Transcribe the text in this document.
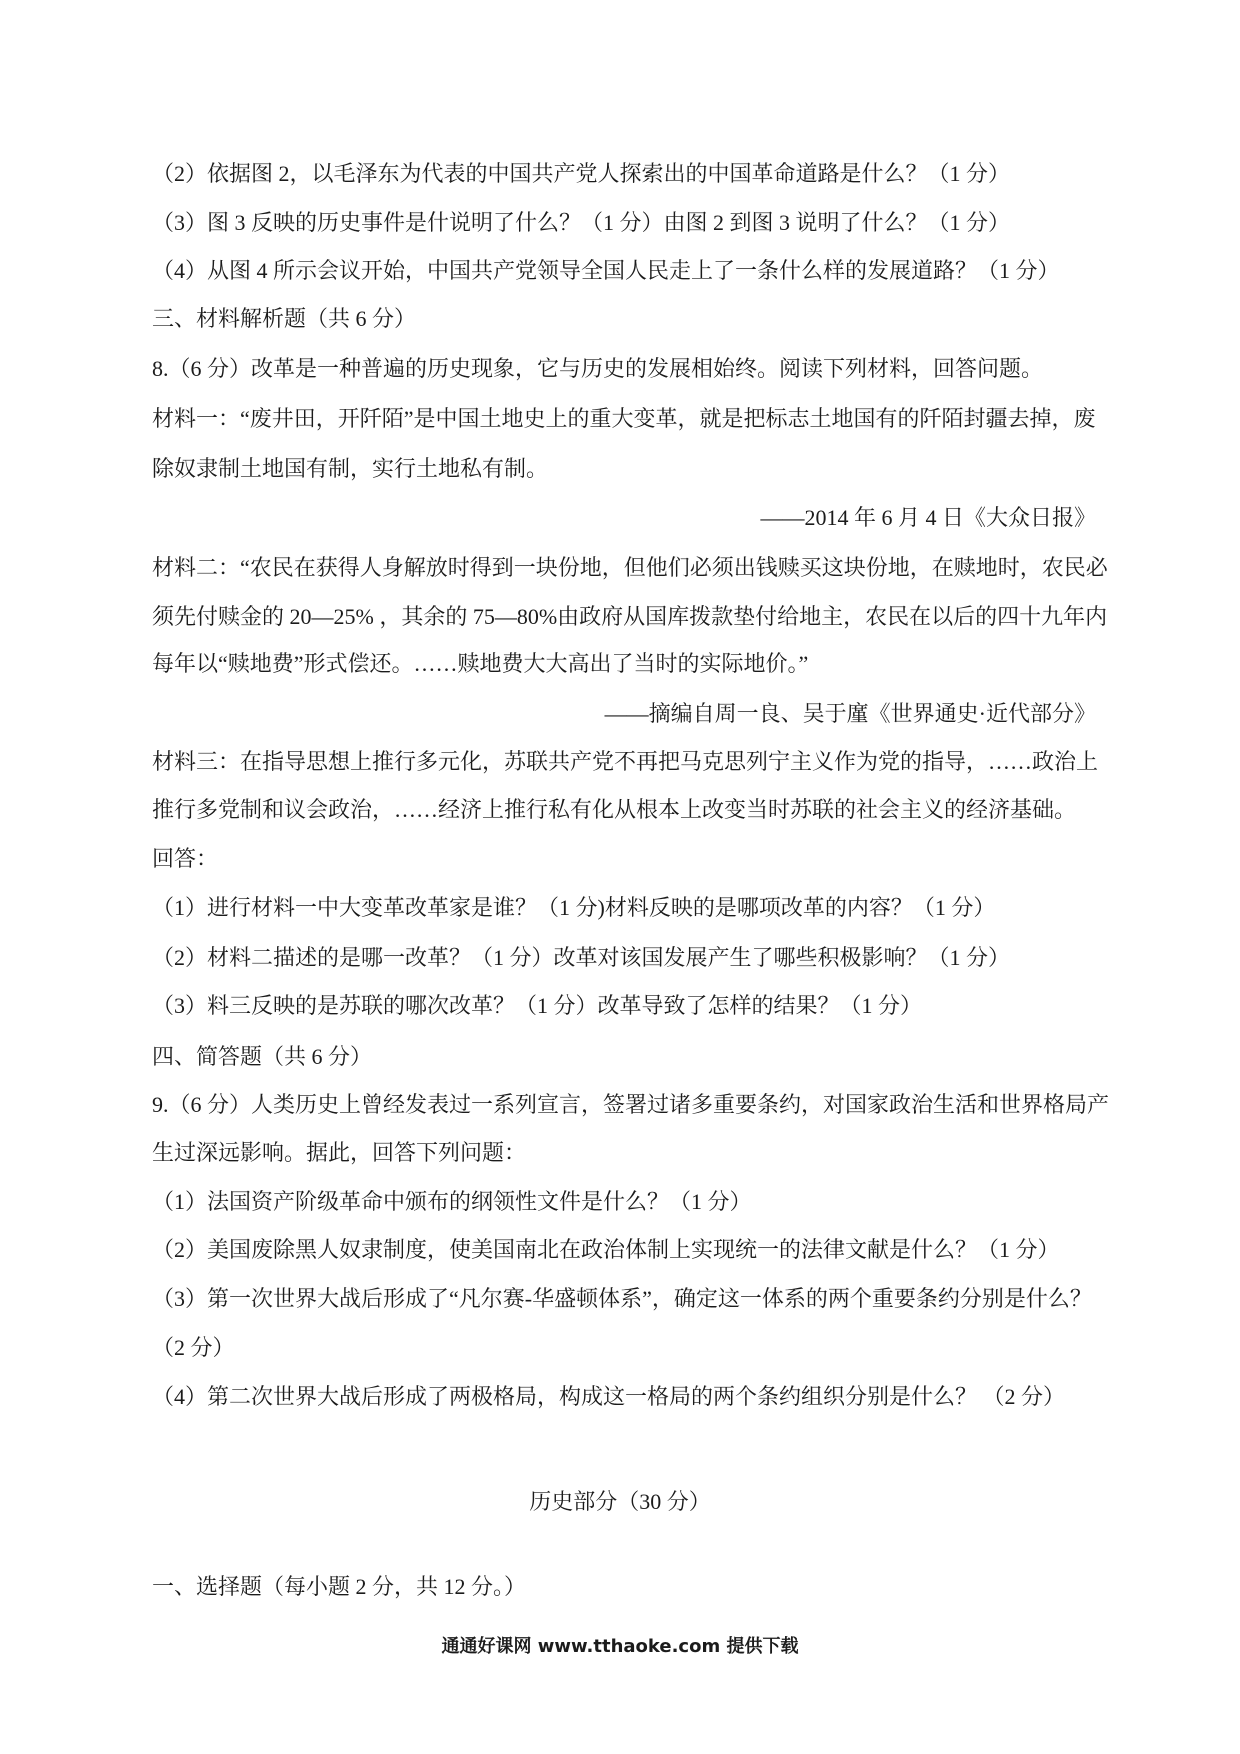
（2）依据图 2，以毛泽东为代表的中国共产党人探索出的中国革命道路是什么？（1 分）
（3）图 3 反映的历史事件是什说明了什么？（1 分）由图 2 到图 3 说明了什么？（1 分）
（4）从图 4 所示会议开始，中国共产党领导全国人民走上了一条什么样的发展道路？（1 分）
三、材料解析题（共 6 分）
8.（6 分）改革是一种普遍的历史现象，它与历史的发展相始终。阅读下列材料，回答问题。
材料一：“废井田，开阡陌”是中国土地史上的重大变革，就是把标志土地国有的阡陌封疆去掉，废
除奴隶制土地国有制，实行土地私有制。
——2014 年 6 月 4 日《大众日报》
材料二：“农民在获得人身解放时得到一块份地，但他们必须出钱赎买这块份地，在赎地时，农民必
须先付赎金的 20—25% ，其余的 75—80%由政府从国库拨款垫付给地主，农民在以后的四十九年内
每年以“赎地费”形式偿还。……赎地费大大高出了当时的实际地价。”
——摘编自周一良、吴于廑《世界通史·近代部分》
材料三：在指导思想上推行多元化，苏联共产党不再把马克思列宁主义作为党的指导，……政治上
推行多党制和议会政治，……经济上推行私有化从根本上改变当时苏联的社会主义的经济基础。
回答：
（1）进行材料一中大变革改革家是谁？（1 分)材料反映的是哪项改革的内容？（1 分）
（2）材料二描述的是哪一改革？（1 分）改革对该国发展产生了哪些积极影响？（1 分）
（3）料三反映的是苏联的哪次改革？（1 分）改革导致了怎样的结果？（1 分）
四、简答题（共 6 分）
9.（6 分）人类历史上曾经发表过一系列宣言，签署过诸多重要条约，对国家政治生活和世界格局产
生过深远影响。据此，回答下列问题：
（1）法国资产阶级革命中颁布的纲领性文件是什么？（1 分）
（2）美国废除黑人奴隶制度，使美国南北在政治体制上实现统一的法律文献是什么？（1 分）
（3）第一次世界大战后形成了“凡尔赛-华盛顿体系”，确定这一体系的两个重要条约分别是什么？
（2 分）
（4）第二次世界大战后形成了两极格局，构成这一格局的两个条约组织分别是什么？ （2 分）
历史部分（30 分）
一、选择题（每小题 2 分，共 12 分。）
通通好课网 www.tthaoke.com 提供下载
